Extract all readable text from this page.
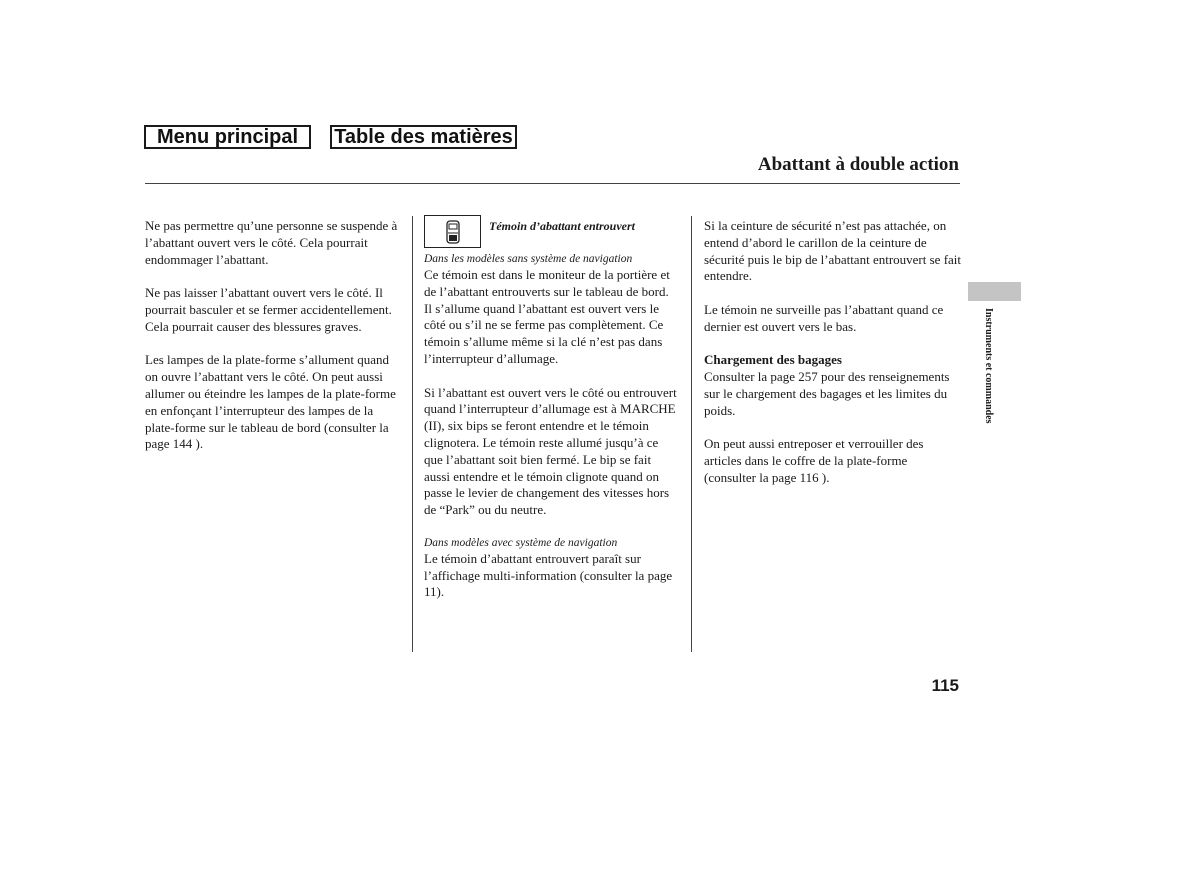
Menu principal	Table des matières
Abattant à double action

Ne pas permettre qu’une personne se suspende à l’abattant ouvert vers le côté. Cela pourrait endommager l’abattant.

Ne pas laisser l’abattant ouvert vers le côté. Il pourrait basculer et se fermer accidentellement. Cela pourrait causer des blessures graves.

Les lampes de la plate-forme s’allument quand on ouvre l’abattant vers le côté. On peut aussi allumer ou éteindre les lampes de la plate-forme en enfonçant l’interrupteur des lampes de la plate-forme sur le tableau de bord (consulter la page 144 ).

Témoin d’abattant entrouvert
Dans les modèles sans système de navigation

Ce témoin est dans le moniteur de la portière et de l’abattant entrouverts sur le tableau de bord. Il s’allume quand l’abattant est ouvert vers le côté ou s’il ne se ferme pas complètement. Ce témoin s’allume même si la clé n’est pas dans l’interrupteur d’allumage.

Si l’abattant est ouvert vers le côté ou entrouvert quand l’interrupteur d’allumage est à MARCHE (II), six bips se feront entendre et le témoin clignotera. Le témoin reste allumé jusqu’à ce que l’abattant soit bien fermé. Le bip se fait aussi entendre et le témoin clignote quand on passe le levier de changement des vitesses hors de “Park” ou du neutre.

Dans modèles avec système de navigation

Le témoin d’abattant entrouvert paraît sur l’affichage multi-information (consulter la page 11).

Si la ceinture de sécurité n’est pas attachée, on entend d’abord le carillon de la ceinture de sécurité puis le bip de l’abattant entrouvert se fait entendre.

Le témoin ne surveille pas l’abattant quand ce dernier est ouvert vers le bas.

Chargement des bagages
Consulter la page 257 pour des renseignements sur le chargement des bagages et les limites du poids.

On peut aussi entreposer et verrouiller des articles dans le coffre de la plate-forme (consulter la page 116 ).

Instruments et commandes
115
